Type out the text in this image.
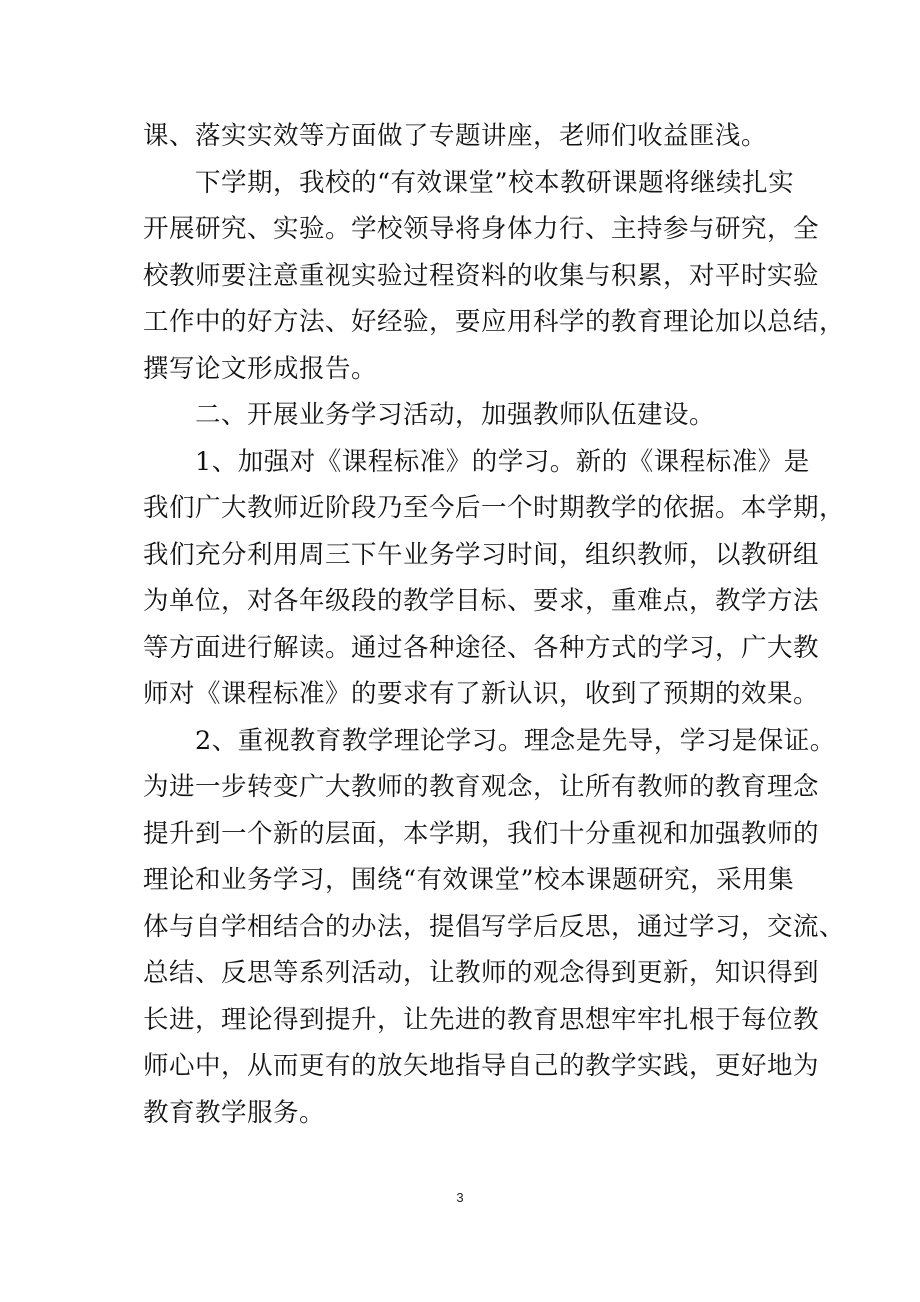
课、落实实效等方面做了专题讲座，老师们收益匪浅。
下学期，我校的“有效课堂”校本教研课题将继续扎实
开展研究、实验。学校领导将身体力行、主持参与研究，全
校教师要注意重视实验过程资料的收集与积累，对平时实验
工作中的好方法、好经验，要应用科学的教育理论加以总结，
撰写论文形成报告。
二、开展业务学习活动，加强教师队伍建设。
1、加强对《课程标准》的学习。新的《课程标准》是
我们广大教师近阶段乃至今后一个时期教学的依据。本学期，
我们充分利用周三下午业务学习时间，组织教师，以教研组
为单位，对各年级段的教学目标、要求，重难点，教学方法
等方面进行解读。通过各种途径、各种方式的学习，广大教
师对《课程标准》的要求有了新认识，收到了预期的效果。
2、重视教育教学理论学习。理念是先导，学习是保证。
为进一步转变广大教师的教育观念，让所有教师的教育理念
提升到一个新的层面，本学期，我们十分重视和加强教师的
理论和业务学习，围绕“有效课堂”校本课题研究，采用集
体与自学相结合的办法，提倡写学后反思，通过学习，交流、
总结、反思等系列活动，让教师的观念得到更新，知识得到
长进，理论得到提升，让先进的教育思想牢牢扎根于每位教
师心中，从而更有的放矢地指导自己的教学实践，更好地为
教育教学服务。
3
